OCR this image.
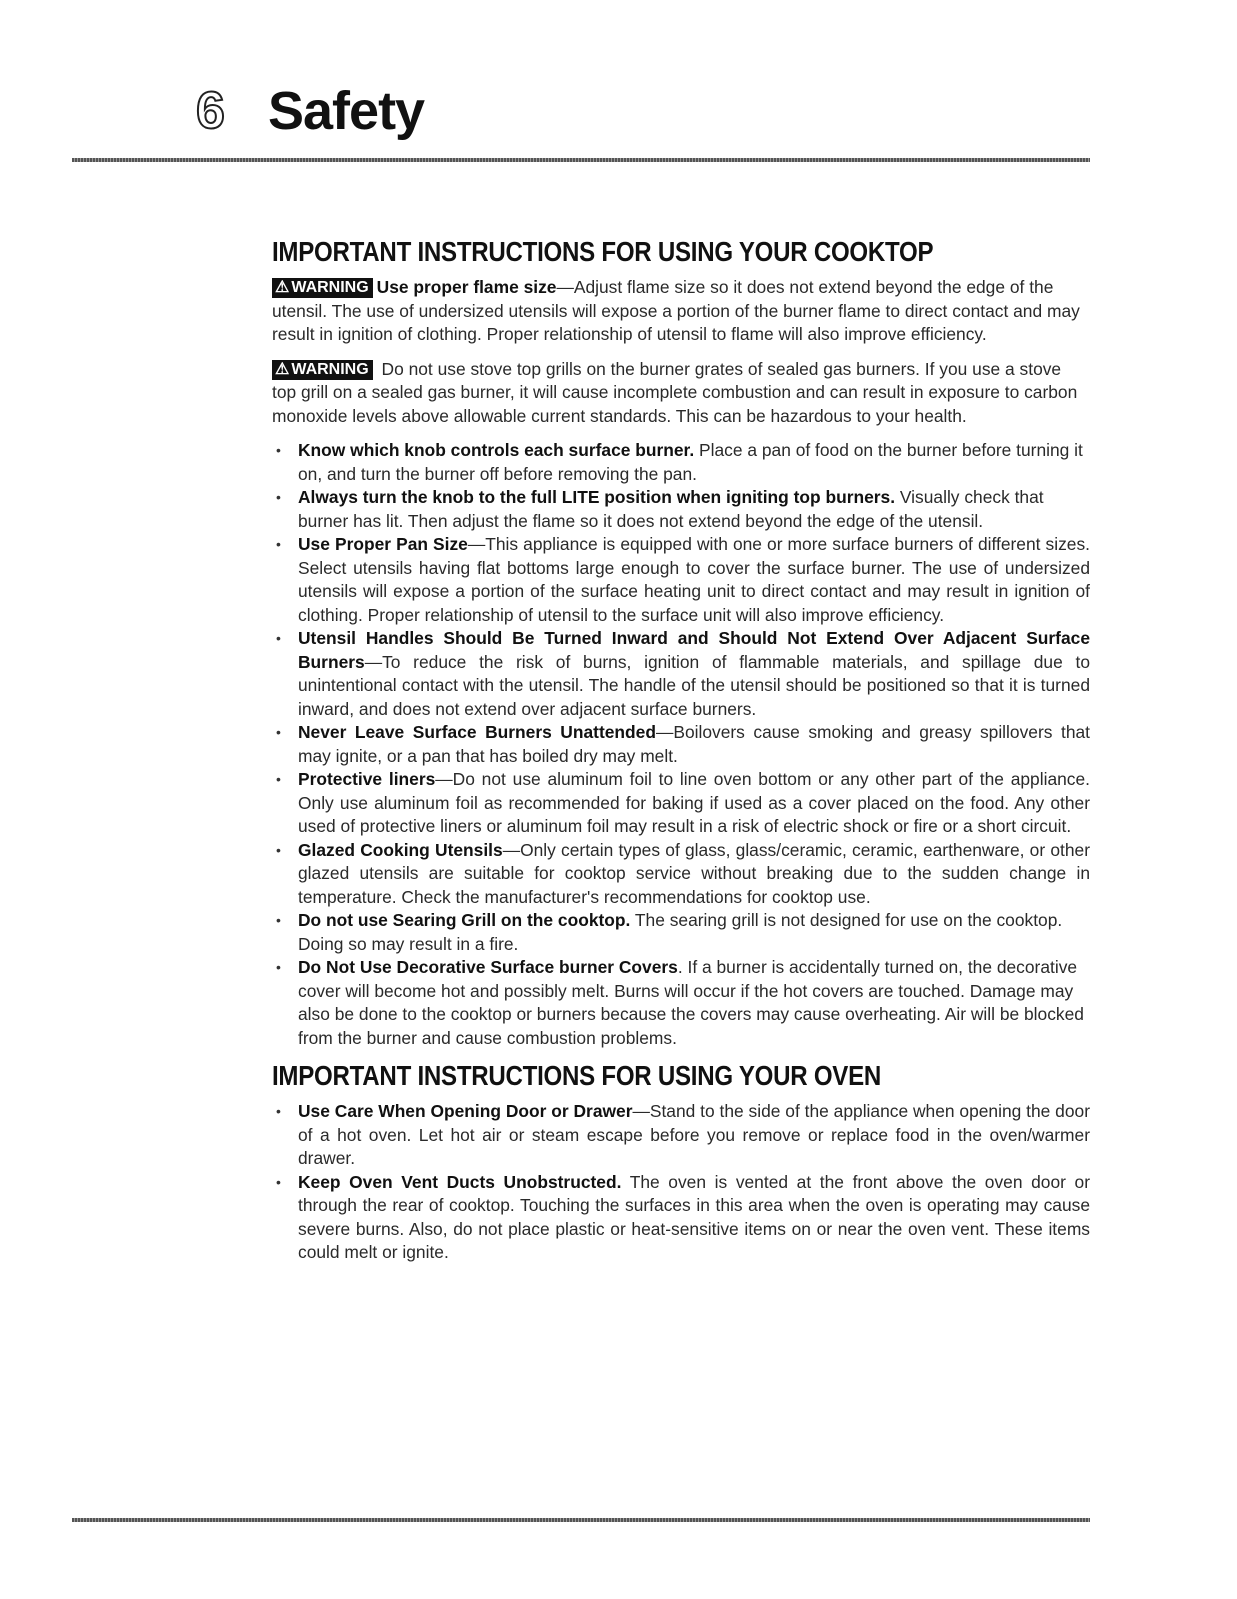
6 Safety
IMPORTANT INSTRUCTIONS FOR USING YOUR COOKTOP

⚠ WARNING Use proper flame size—Adjust flame size so it does not extend beyond the edge of the utensil. The use of undersized utensils will expose a portion of the burner flame to direct contact and may result in ignition of clothing. Proper relationship of utensil to flame will also improve efficiency.

⚠ WARNING Do not use stove top grills on the burner grates of sealed gas burners. If you use a stove top grill on a sealed gas burner, it will cause incomplete combustion and can result in exposure to carbon monoxide levels above allowable current standards. This can be hazardous to your health.

• Know which knob controls each surface burner. Place a pan of food on the burner before turning it on, and turn the burner off before removing the pan.
• Always turn the knob to the full LITE position when igniting top burners. Visually check that burner has lit. Then adjust the flame so it does not extend beyond the edge of the utensil.
• Use Proper Pan Size—This appliance is equipped with one or more surface burners of different sizes. Select utensils having flat bottoms large enough to cover the surface burner. The use of undersized utensils will expose a portion of the surface heating unit to direct contact and may result in ignition of clothing. Proper relationship of utensil to the surface unit will also improve efficiency.
• Utensil Handles Should Be Turned Inward and Should Not Extend Over Adjacent Surface Burners—To reduce the risk of burns, ignition of flammable materials, and spillage due to unintentional contact with the utensil. The handle of the utensil should be positioned so that it is turned inward, and does not extend over adjacent surface burners.
• Never Leave Surface Burners Unattended—Boilovers cause smoking and greasy spillovers that may ignite, or a pan that has boiled dry may melt.
• Protective liners—Do not use aluminum foil to line oven bottom or any other part of the appliance. Only use aluminum foil as recommended for baking if used as a cover placed on the food. Any other used of protective liners or aluminum foil may result in a risk of electric shock or fire or a short circuit.
• Glazed Cooking Utensils—Only certain types of glass, glass/ceramic, ceramic, earthenware, or other glazed utensils are suitable for cooktop service without breaking due to the sudden change in temperature. Check the manufacturer's recommendations for cooktop use.
• Do not use Searing Grill on the cooktop. The searing grill is not designed for use on the cooktop. Doing so may result in a fire.
• Do Not Use Decorative Surface burner Covers. If a burner is accidentally turned on, the decorative cover will become hot and possibly melt. Burns will occur if the hot covers are touched. Damage may also be done to the cooktop or burners because the covers may cause overheating. Air will be blocked from the burner and cause combustion problems.
IMPORTANT INSTRUCTIONS FOR USING YOUR OVEN
• Use Care When Opening Door or Drawer—Stand to the side of the appliance when opening the door of a hot oven. Let hot air or steam escape before you remove or replace food in the oven/warmer drawer.
• Keep Oven Vent Ducts Unobstructed. The oven is vented at the front above the oven door or through the rear of cooktop. Touching the surfaces in this area when the oven is operating may cause severe burns. Also, do not place plastic or heat-sensitive items on or near the oven vent. These items could melt or ignite.
